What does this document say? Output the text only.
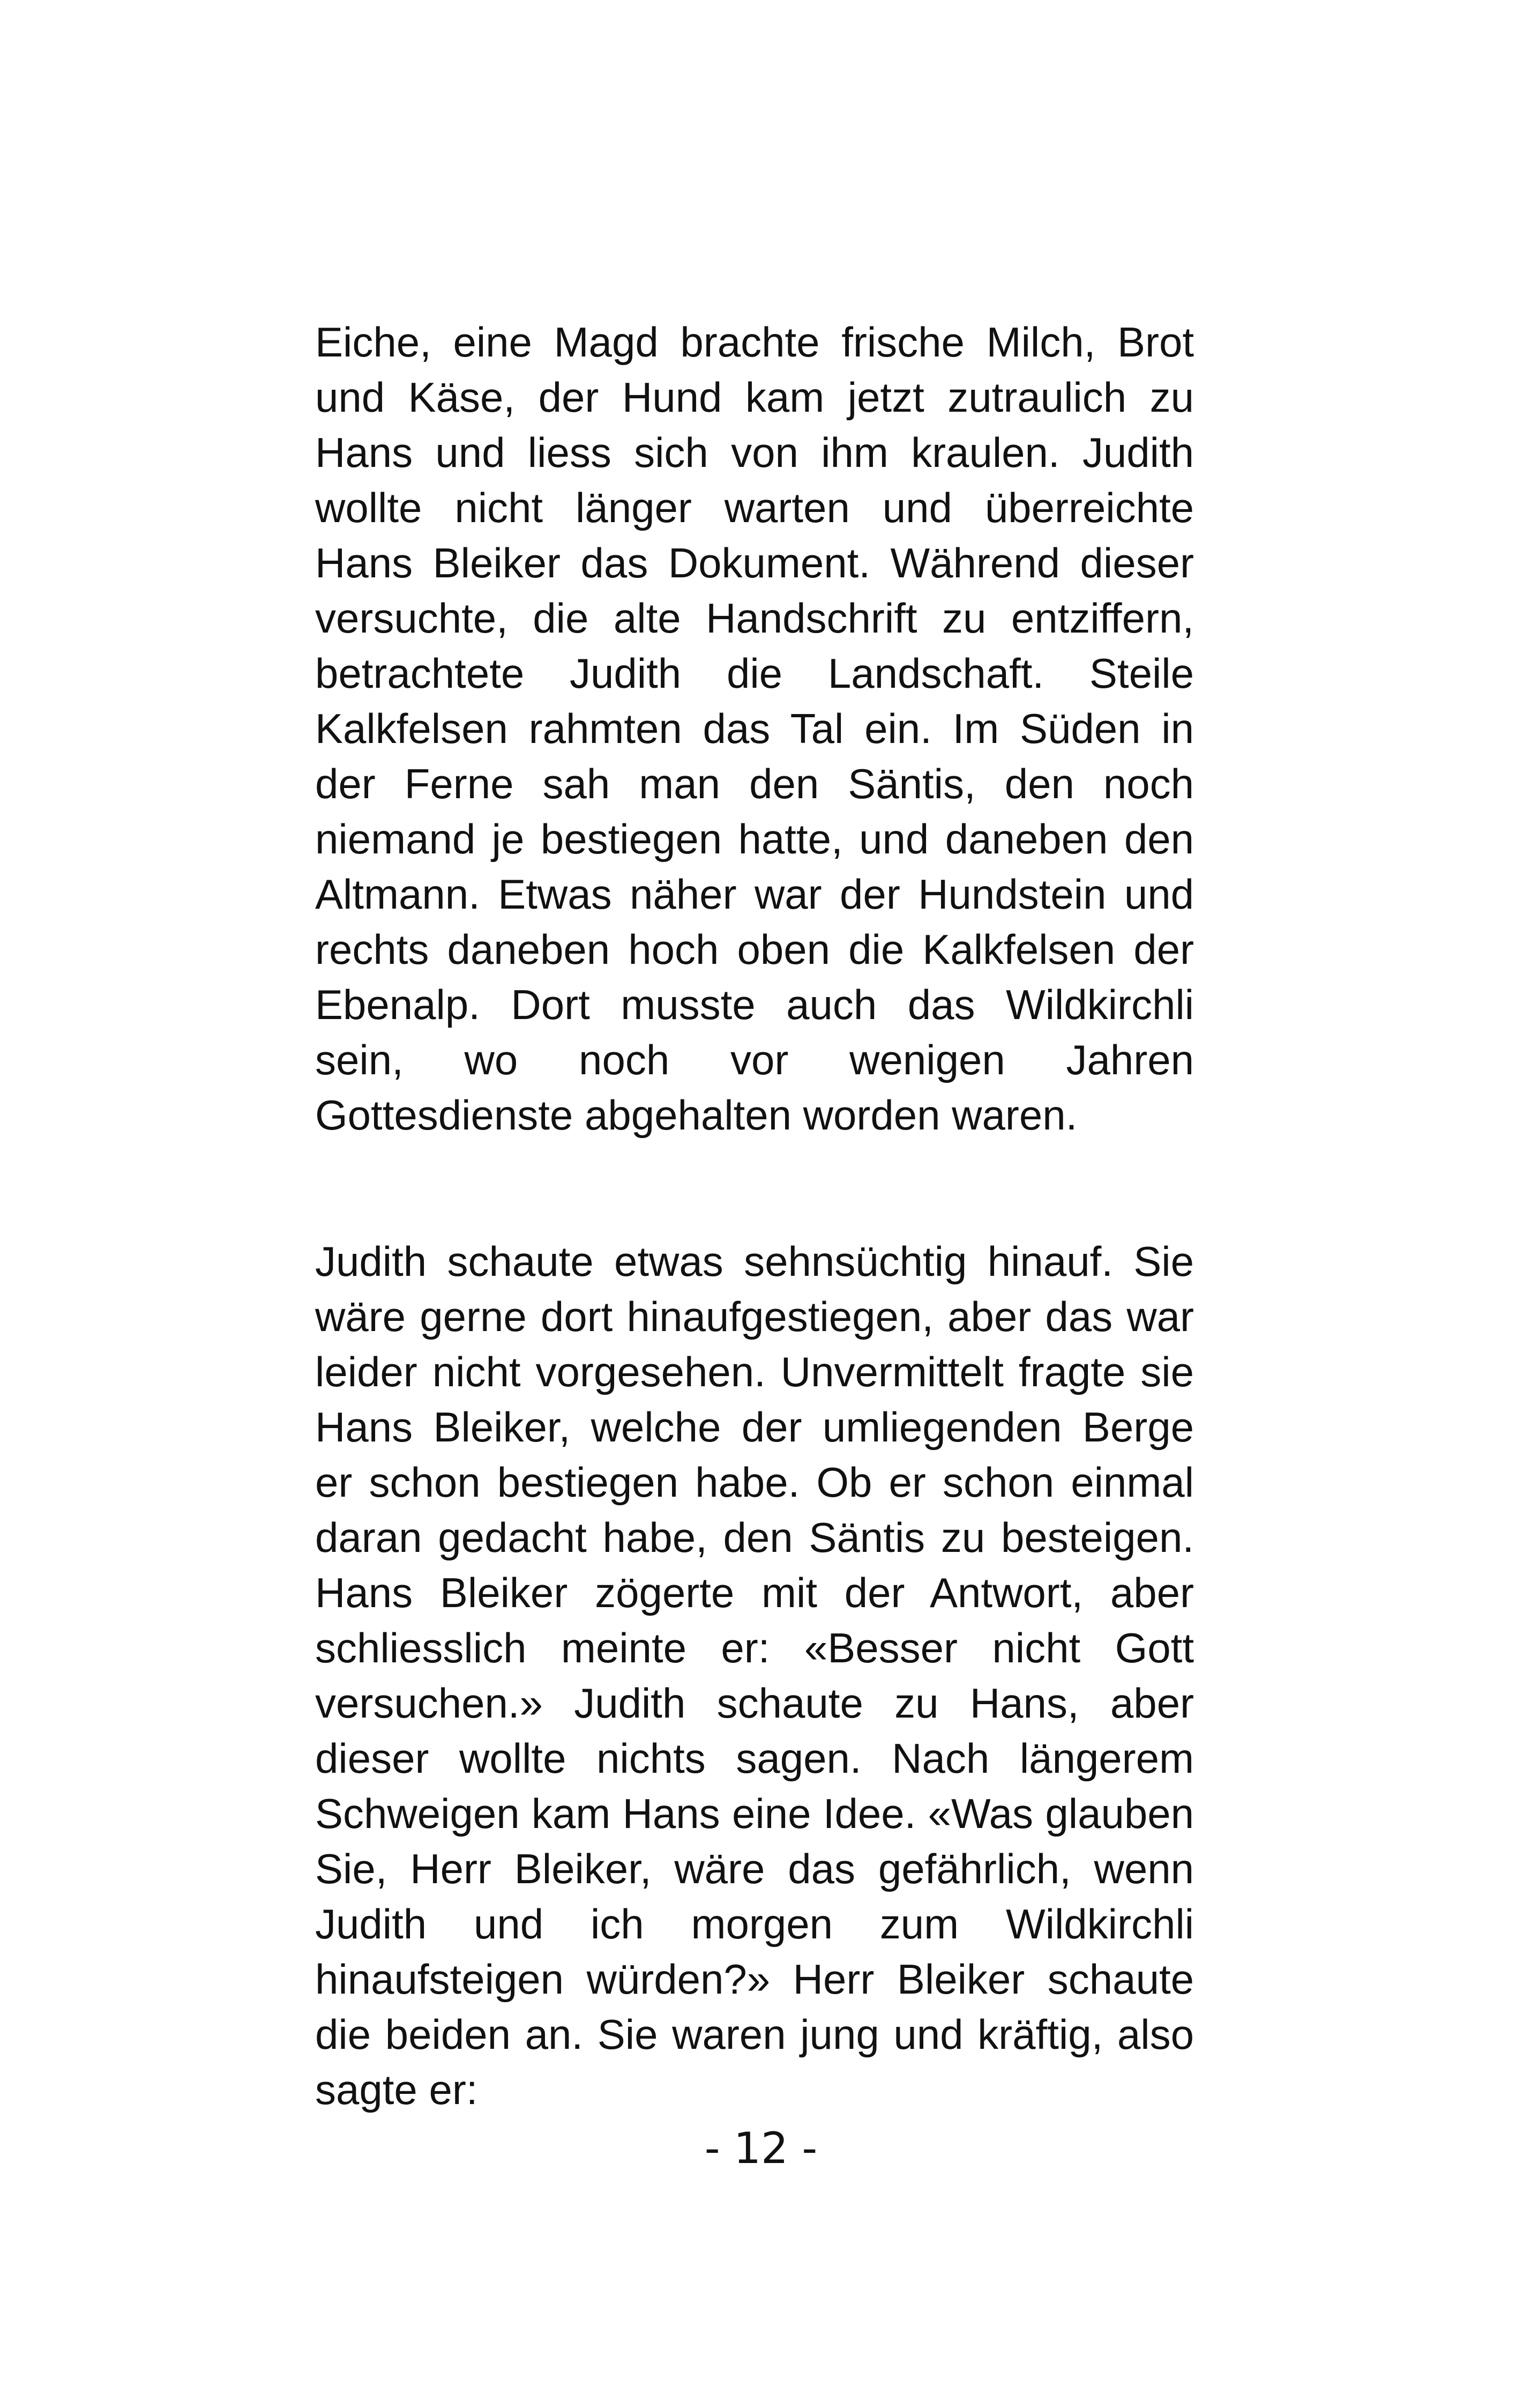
Eiche, eine Magd brachte frische Milch, Brot und Käse, der Hund kam jetzt zutraulich zu Hans und liess sich von ihm kraulen. Judith wollte nicht länger warten und überreichte Hans Bleiker das Dokument. Während dieser versuchte, die alte Handschrift zu entziffern, betrachtete Judith die Landschaft. Steile Kalkfelsen rahmten das Tal ein. Im Süden in der Ferne sah man den Säntis, den noch niemand je bestiegen hatte, und daneben den Altmann. Etwas näher war der Hundstein und rechts daneben hoch oben die Kalkfelsen der Ebenalp. Dort musste auch das Wildkirchli sein, wo noch vor wenigen Jahren Gottesdienste abgehalten worden waren.

Judith schaute etwas sehnsüchtig hinauf. Sie wäre gerne dort hinaufgestiegen, aber das war leider nicht vorgesehen. Unvermittelt fragte sie Hans Bleiker, welche der umliegenden Berge er schon bestiegen habe. Ob er schon einmal daran gedacht habe, den Säntis zu besteigen. Hans Bleiker zögerte mit der Antwort, aber schliesslich meinte er: «Besser nicht Gott versuchen.» Judith schaute zu Hans, aber dieser wollte nichts sagen. Nach längerem Schweigen kam Hans eine Idee. «Was glauben Sie, Herr Bleiker, wäre das gefährlich, wenn Judith und ich morgen zum Wildkirchli hinaufsteigen würden?» Herr Bleiker schaute die beiden an. Sie waren jung und kräftig, also sagte er:

- 12 -
